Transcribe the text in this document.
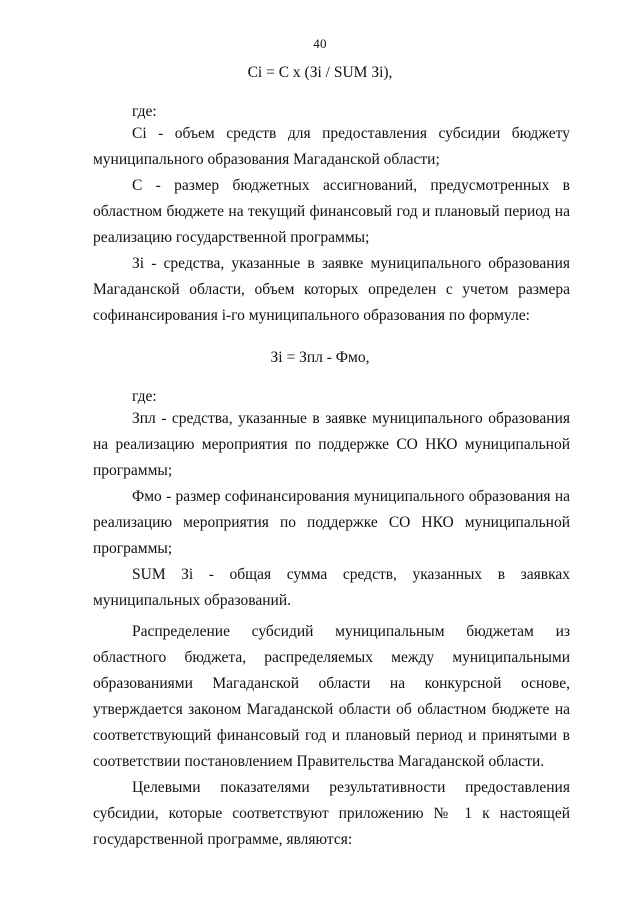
40
Ci = C x (Зi / SUM Зi),
где:

Ci - объем средств для предоставления субсидии бюджету муниципального образования Магаданской области;

С - размер бюджетных ассигнований, предусмотренных в областном бюджете на текущий финансовый год и плановый период на реализацию государственной программы;

Зi - средства, указанные в заявке муниципального образования Магаданской области, объем которых определен с учетом размера софинансирования i-го муниципального образования по формуле:

Зi = Зпл - Фмо,
где:

Зпл - средства, указанные в заявке муниципального образования на реализацию мероприятия по поддержке СО НКО муниципальной программы;

Фмо - размер софинансирования муниципального образования на реализацию мероприятия по поддержке СО НКО муниципальной программы;

SUM Зi - общая сумма средств, указанных в заявках муниципальных образований.

Распределение субсидий муниципальным бюджетам из областного бюджета, распределяемых между муниципальными образованиями Магаданской области на конкурсной основе, утверждается законом Магаданской области об областном бюджете на соответствующий финансовый год и плановый период и принятыми в соответствии постановлением Правительства Магаданской области.

Целевыми показателями результативности предоставления субсидии, которые соответствуют приложению № 1 к настоящей государственной программе, являются:
